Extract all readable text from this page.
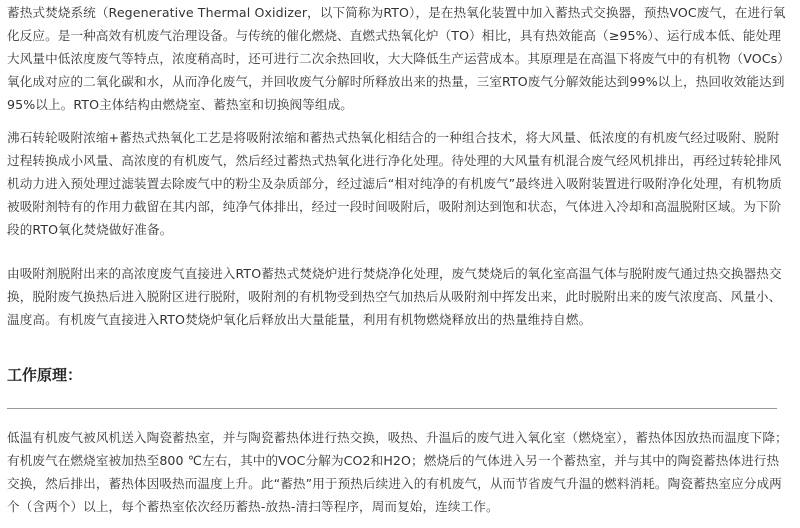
蓄热式焚烧系统（Regenerative Thermal Oxidizer，以下简称为RTO），是在热氧化装置中加入蓄热式交换器，预热VOC废气，在进行氧化反应。是一种高效有机废气治理设备。与传统的催化燃烧、直燃式热氧化炉（TO）相比，具有热效能高（≥95%）、运行成本低、能处理大风量中低浓度废气等特点，浓度稍高时，还可进行二次余热回收，大大降低生产运营成本。其原理是在高温下将废气中的有机物（VOCs）氧化成对应的二氧化碳和水，从而净化废气，并回收废气分解时所释放出来的热量，三室RTO废气分解效能达到99%以上，热回收效能达到95%以上。RTO主体结构由燃烧室、蓄热室和切换阀等组成。

沸石转轮吸附浓缩+蓄热式热氧化工艺是将吸附浓缩和蓄热式热氧化相结合的一种组合技术，将大风量、低浓度的有机废气经过吸附、脱附过程转换成小风量、高浓度的有机废气，然后经过蓄热式热氧化进行净化处理。待处理的大风量有机混合废气经风机排出，再经过转轮排风机动力进入预处理过滤装置去除废气中的粉尘及杂质部分，经过滤后“相对纯净的有机废气”最终进入吸附装置进行吸附净化处理，有机物质被吸附剂特有的作用力截留在其内部，纯净气体排出，经过一段时间吸附后，吸附剂达到饱和状态，气体进入冷却和高温脱附区域。为下阶段的RTO氧化焚烧做好准备。

由吸附剂脱附出来的高浓度废气直接进入RTO蓄热式焚烧炉进行焚烧净化处理，废气焚烧后的氧化室高温气体与脱附废气通过热交换器热交换，脱附废气换热后进入脱附区进行脱附，吸附剂的有机物受到热空气加热后从吸附剂中挥发出来，此时脱附出来的废气浓度高、风量小、温度高。有机废气直接进入RTO焚烧炉氧化后释放出大量能量，利用有机物燃烧释放出的热量维持自燃。

工作原理：

低温有机废气被风机送入陶瓷蓄热室，并与陶瓷蓄热体进行热交换，吸热、升温后的废气进入氧化室（燃烧室），蓄热体因放热而温度下降；有机废气在燃烧室被加热至800 ℃左右，其中的VOC分解为CO2和H2O；燃烧后的气体进入另一个蓄热室，并与其中的陶瓷蓄热体进行热交换，然后排出，蓄热体因吸热而温度上升。此“蓄热”用于预热后续进入的有机废气，从而节省废气升温的燃料消耗。陶瓷蓄热室应分成两个（含两个）以上，每个蓄热室依次经历蓄热-放热-清扫等程序，周而复始，连续工作。
